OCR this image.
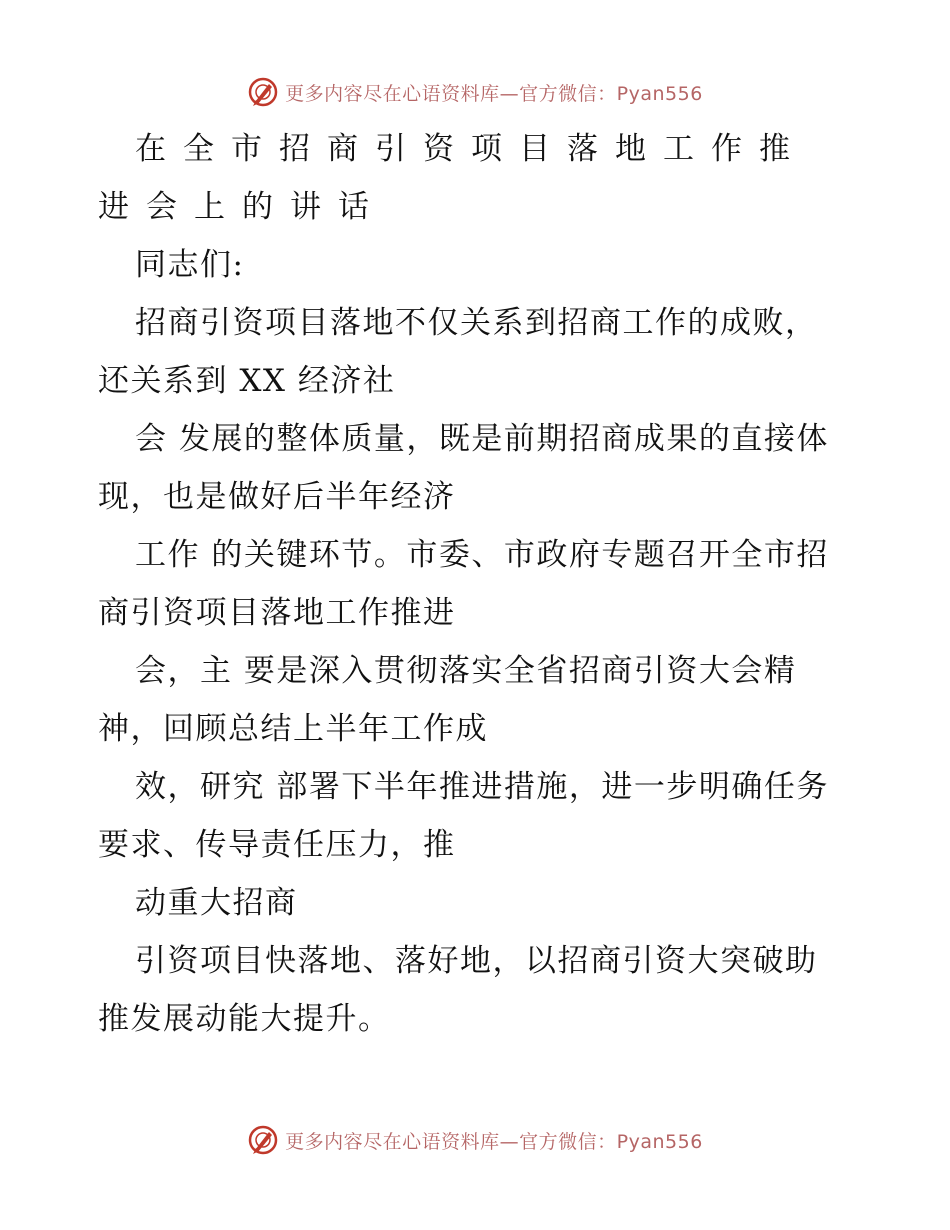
更多内容尽在心语资料库—官方微信：Pyan556
在全市招商引资项目落地工作推进会上的讲话

同志们:

招商引资项目落地不仅关系到招商工作的成败，还关系到 XX 经济社

会 发展的整体质量，既是前期招商成果的直接体现，也是做好后半年经济

工作 的关键环节。市委、市政府专题召开全市招商引资项目落地工作推进

会，主 要是深入贯彻落实全省招商引资大会精神，回顾总结上半年工作成

效，研究 部署下半年推进措施，进一步明确任务要求、传导责任压力，推

动重大招商

引资项目快落地、落好地，以招商引资大突破助推发展动能大提升。

更多内容尽在心语资料库—官方微信：Pyan556
